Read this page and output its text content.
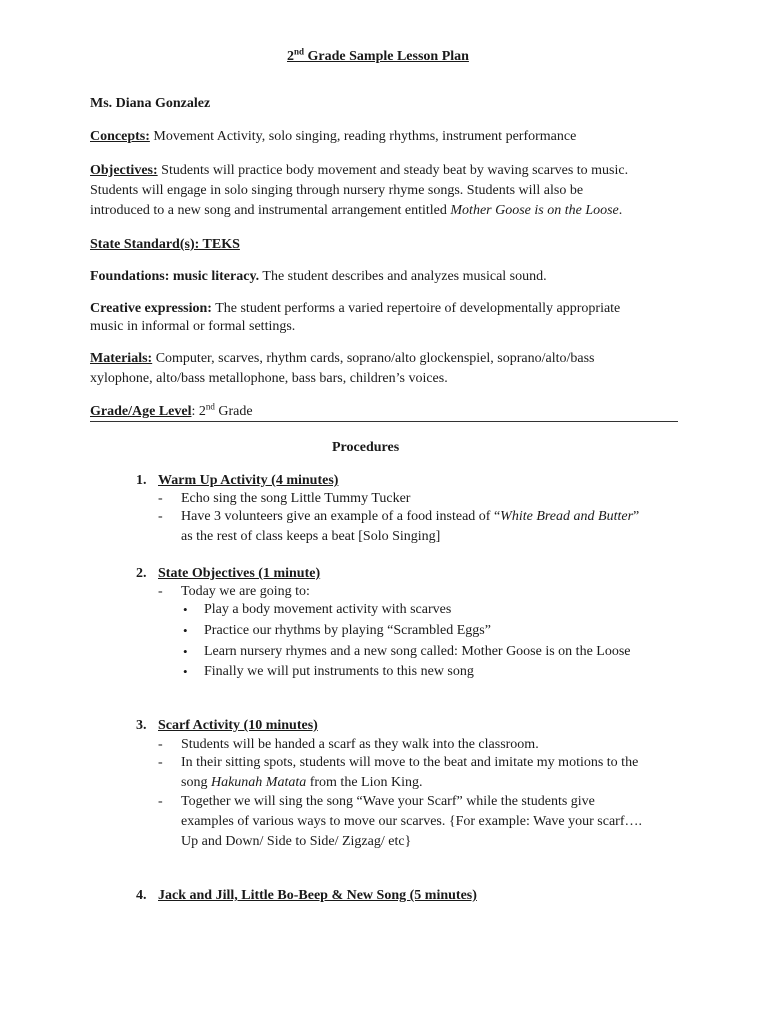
2nd Grade Sample Lesson Plan
Ms. Diana Gonzalez
Concepts: Movement Activity, solo singing, reading rhythms, instrument performance
Objectives: Students will practice body movement and steady beat by waving scarves to music.
Students will engage in solo singing through nursery rhyme songs. Students will also be
introduced to a new song and instrumental arrangement entitled Mother Goose is on the Loose.
State Standard(s): TEKS
Foundations: music literacy. The student describes and analyzes musical sound.
Creative expression: The student performs a varied repertoire of developmentally appropriate
music in informal or formal settings.
Materials: Computer, scarves, rhythm cards, soprano/alto glockenspiel, soprano/alto/bass
xylophone, alto/bass metallophone, bass bars, children’s voices.
Grade/Age Level: 2nd Grade
Procedures
1. Warm Up Activity (4 minutes)
- Echo sing the song Little Tummy Tucker
- Have 3 volunteers give an example of a food instead of “White Bread and Butter”
as the rest of class keeps a beat [Solo Singing]
2. State Objectives (1 minute)
- Today we are going to:
• Play a body movement activity with scarves
• Practice our rhythms by playing “Scrambled Eggs”
• Learn nursery rhymes and a new song called: Mother Goose is on the Loose
• Finally we will put instruments to this new song
3. Scarf Activity (10 minutes)
- Students will be handed a scarf as they walk into the classroom.
- In their sitting spots, students will move to the beat and imitate my motions to the
song Hakunah Matata from the Lion King.
- Together we will sing the song “Wave your Scarf” while the students give
examples of various ways to move our scarves. {For example: Wave your scarf….
Up and Down/ Side to Side/ Zigzag/ etc}
4. Jack and Jill, Little Bo-Beep & New Song (5 minutes)
